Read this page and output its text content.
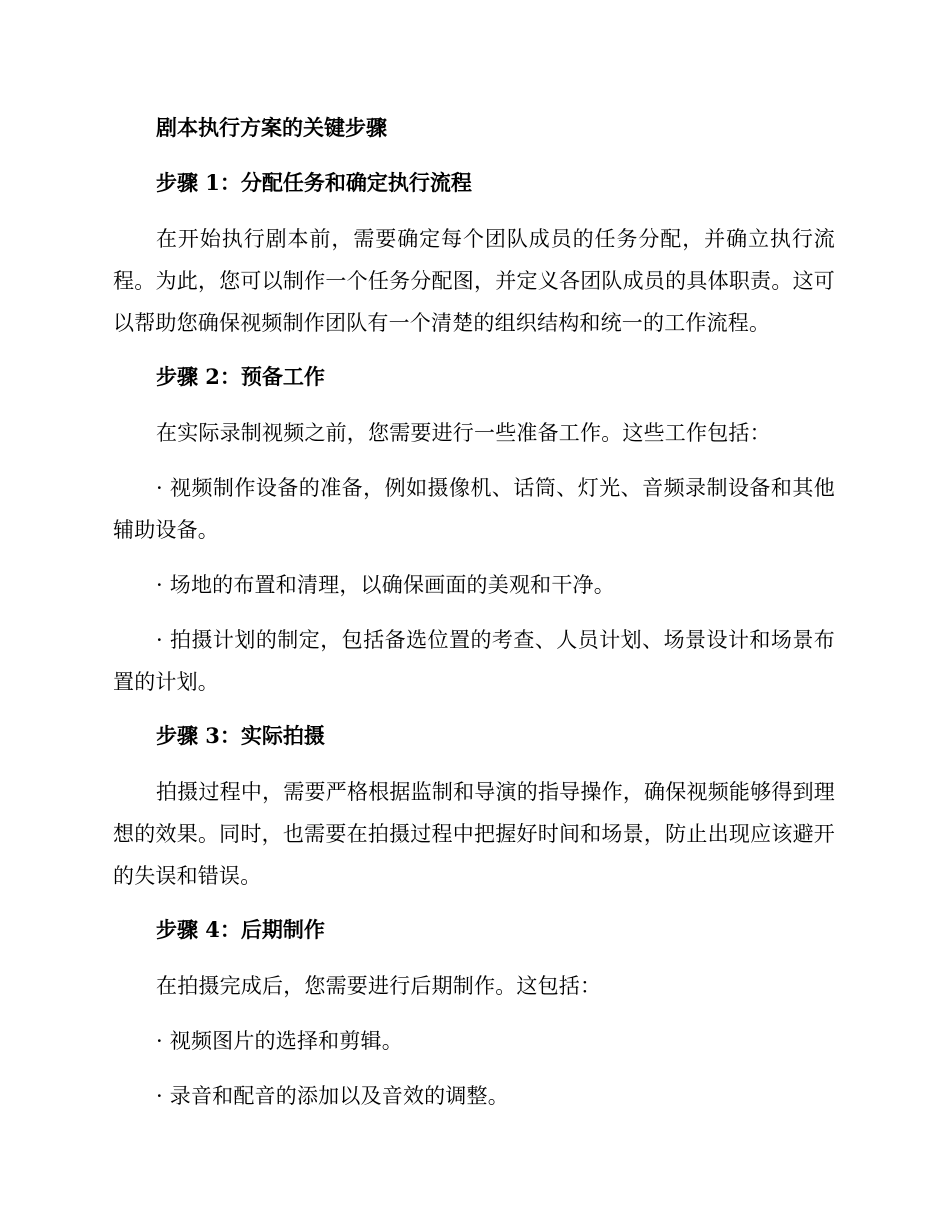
剧本执行方案的关键步骤
步骤 1：分配任务和确定执行流程
在开始执行剧本前，需要确定每个团队成员的任务分配，并确立执行流程。为此，您可以制作一个任务分配图，并定义各团队成员的具体职责。这可以帮助您确保视频制作团队有一个清楚的组织结构和统一的工作流程。
步骤 2：预备工作
在实际录制视频之前，您需要进行一些准备工作。这些工作包括：
· 视频制作设备的准备，例如摄像机、话筒、灯光、音频录制设备和其他辅助设备。
· 场地的布置和清理，以确保画面的美观和干净。
· 拍摄计划的制定，包括备选位置的考查、人员计划、场景设计和场景布置的计划。
步骤 3：实际拍摄
拍摄过程中，需要严格根据监制和导演的指导操作，确保视频能够得到理想的效果。同时，也需要在拍摄过程中把握好时间和场景，防止出现应该避开的失误和错误。
步骤 4：后期制作
在拍摄完成后，您需要进行后期制作。这包括：
· 视频图片的选择和剪辑。
· 录音和配音的添加以及音效的调整。
